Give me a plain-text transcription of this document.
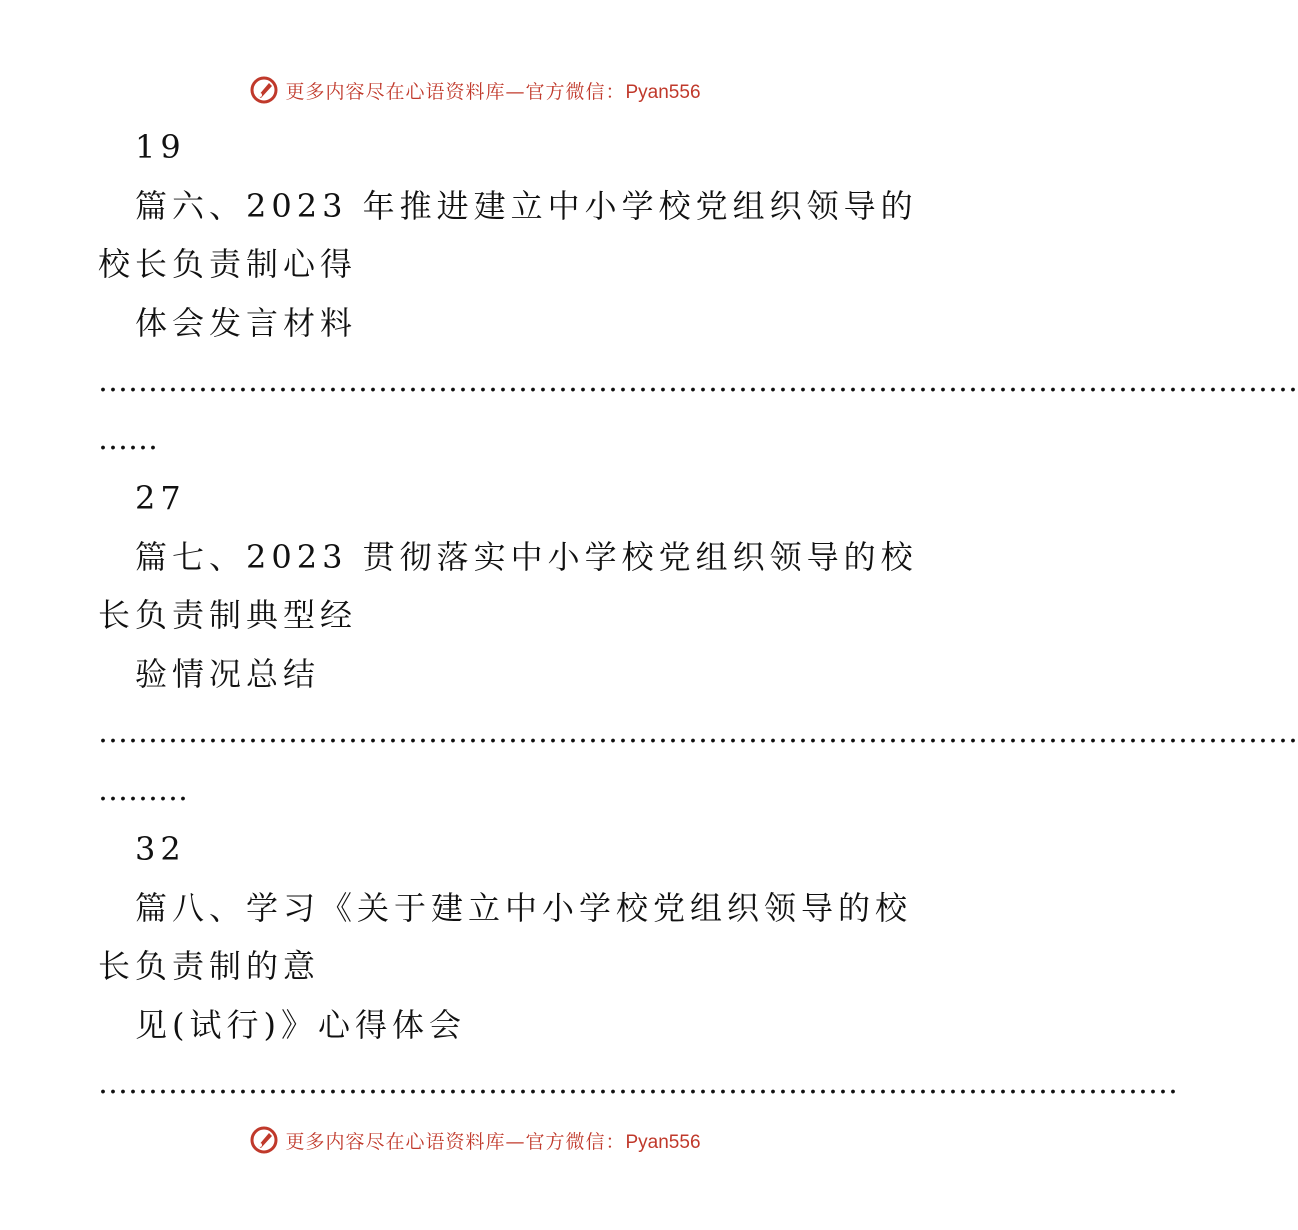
更多内容尽在心语资料库—官方微信：Pyan556
19
篇六、2023 年推进建立中小学校党组织领导的
校长负责制心得
体会发言材料
…………………………………………………………………………………………………………
……
27
篇七、2023 贯彻落实中小学校党组织领导的校
长负责制典型经
验情况总结
…………………………………………………………………………………………………………
………
32
篇八、学习《关于建立中小学校党组织领导的校
长负责制的意
见(试行)》心得体会
………………………………………………………………………………………………
更多内容尽在心语资料库—官方微信：Pyan556
